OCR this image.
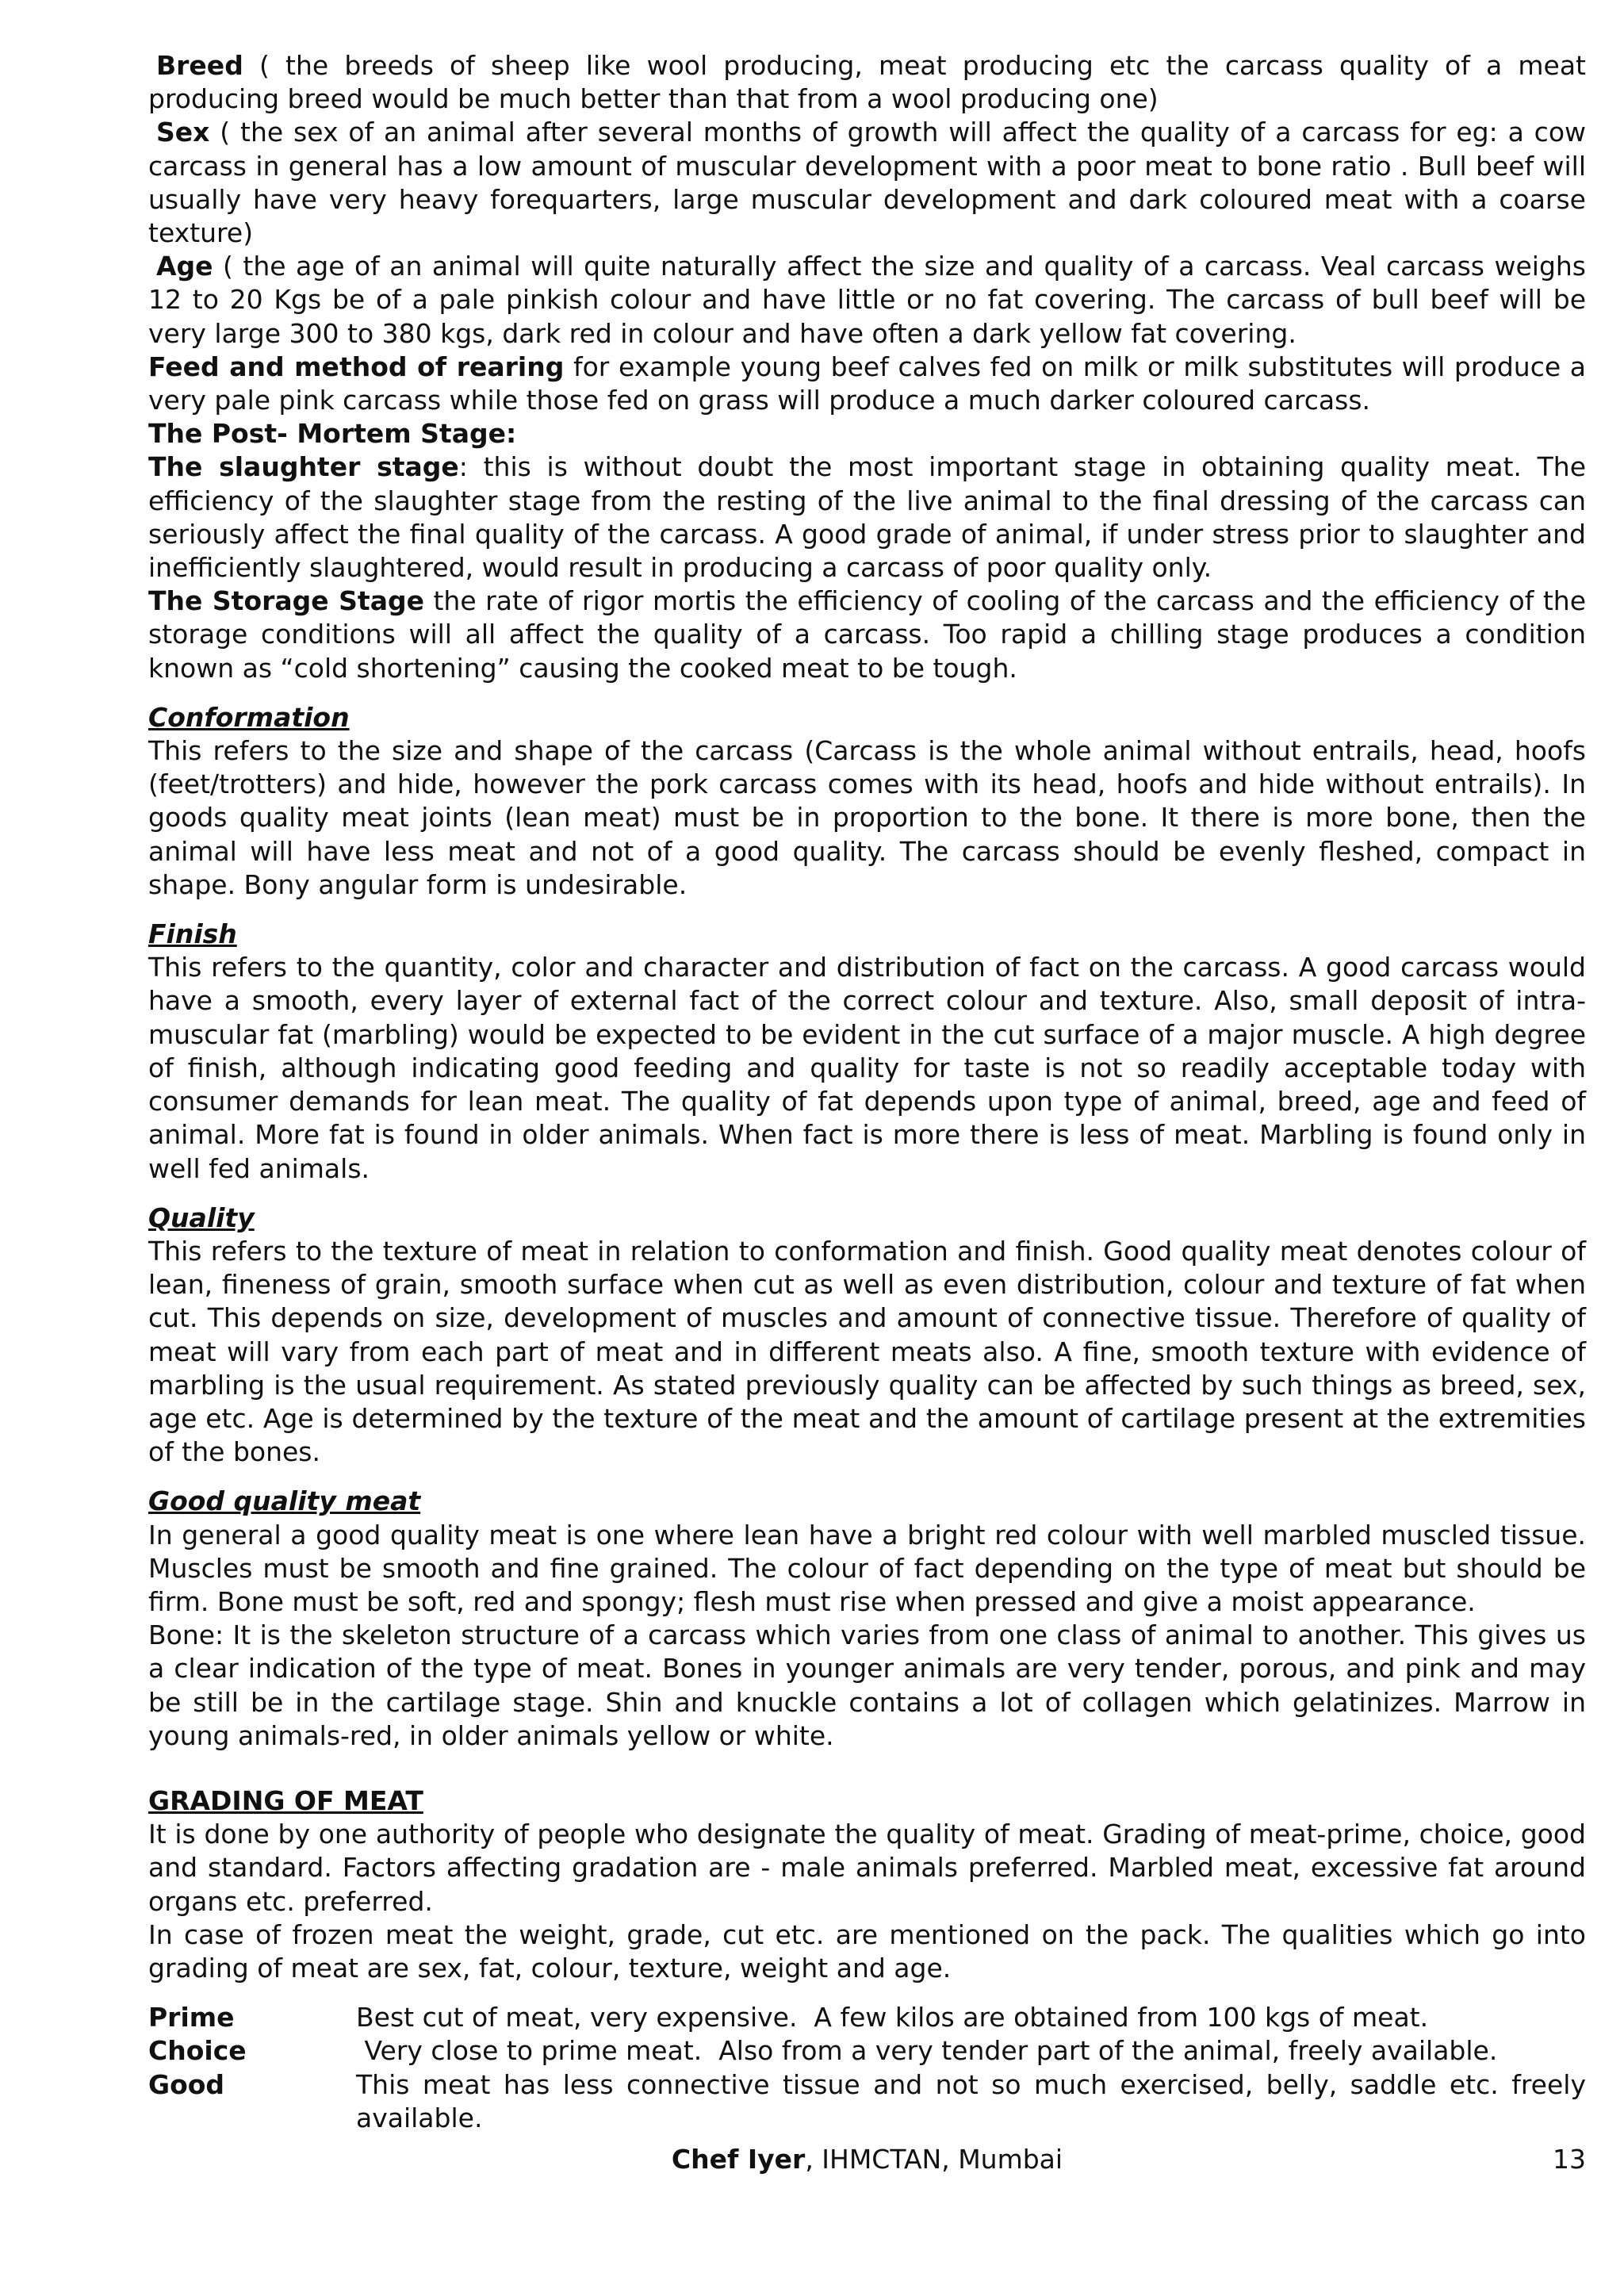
Breed ( the breeds of sheep like wool producing, meat producing etc the carcass quality of a meat producing breed would be much better than that from a wool producing one)

Sex ( the sex of an animal after several months of growth will affect the quality of a carcass for eg: a cow carcass in general has a low amount of muscular development with a poor meat to bone ratio . Bull beef will usually have very heavy forequarters, large muscular development and dark coloured meat with a coarse texture)

Age ( the age of an animal will quite naturally affect the size and quality of a carcass. Veal carcass weighs 12 to 20 Kgs be of a pale pinkish colour and have little or no fat covering. The carcass of bull beef will be very large 300 to 380 kgs, dark red in colour and have often a dark yellow fat covering.

Feed and method of rearing for example young beef calves fed on milk or milk substitutes will produce a very pale pink carcass while those fed on grass will produce a much darker coloured carcass.

The Post- Mortem Stage:

The slaughter stage: this is without doubt the most important stage in obtaining quality meat. The efficiency of the slaughter stage from the resting of the live animal to the final dressing of the carcass can seriously affect the final quality of the carcass. A good grade of animal, if under stress prior to slaughter and inefficiently slaughtered, would result in producing a carcass of poor quality only.

The Storage Stage the rate of rigor mortis the efficiency of cooling of the carcass and the efficiency of the storage conditions will all affect the quality of a carcass. Too rapid a chilling stage produces a condition known as “cold shortening” causing the cooked meat to be tough.

Conformation

This refers to the size and shape of the carcass (Carcass is the whole animal without entrails, head, hoofs (feet/trotters) and hide, however the pork carcass comes with its head, hoofs and hide without entrails). In goods quality meat joints (lean meat) must be in proportion to the bone. It there is more bone, then the animal will have less meat and not of a good quality. The carcass should be evenly fleshed, compact in shape. Bony angular form is undesirable.

Finish

This refers to the quantity, color and character and distribution of fact on the carcass. A good carcass would have a smooth, every layer of external fact of the correct colour and texture. Also, small deposit of intra-muscular fat (marbling) would be expected to be evident in the cut surface of a major muscle. A high degree of finish, although indicating good feeding and quality for taste is not so readily acceptable today with consumer demands for lean meat. The quality of fat depends upon type of animal, breed, age and feed of animal. More fat is found in older animals. When fact is more there is less of meat. Marbling is found only in well fed animals.

Quality

This refers to the texture of meat in relation to conformation and finish. Good quality meat denotes colour of lean, fineness of grain, smooth surface when cut as well as even distribution, colour and texture of fat when cut. This depends on size, development of muscles and amount of connective tissue. Therefore of quality of meat will vary from each part of meat and in different meats also. A fine, smooth texture with evidence of marbling is the usual requirement. As stated previously quality can be affected by such things as breed, sex, age etc. Age is determined by the texture of the meat and the amount of cartilage present at the extremities of the bones.

Good quality meat

In general a good quality meat is one where lean have a bright red colour with well marbled muscled tissue. Muscles must be smooth and fine grained. The colour of fact depending on the type of meat but should be firm. Bone must be soft, red and spongy; flesh must rise when pressed and give a moist appearance.

Bone: It is the skeleton structure of a carcass which varies from one class of animal to another. This gives us a clear indication of the type of meat. Bones in younger animals are very tender, porous, and pink and may be still be in the cartilage stage. Shin and knuckle contains a lot of collagen which gelatinizes. Marrow in young animals-red, in older animals yellow or white.

GRADING OF MEAT

It is done by one authority of people who designate the quality of meat. Grading of meat-prime, choice, good and standard. Factors affecting gradation are - male animals preferred. Marbled meat, excessive fat around organs etc. preferred.

In case of frozen meat the weight, grade, cut etc. are mentioned on the pack. The qualities which go into grading of meat are sex, fat, colour, texture, weight and age.

Prime	Best cut of meat, very expensive.  A few kilos are obtained from 100 kgs of meat.
Choice	Very close to prime meat.  Also from a very tender part of the animal, freely available.
Good	This meat has less connective tissue and not so much exercised, belly, saddle etc. freely available.
Chef Iyer, IHMCTAN, Mumbai	13
